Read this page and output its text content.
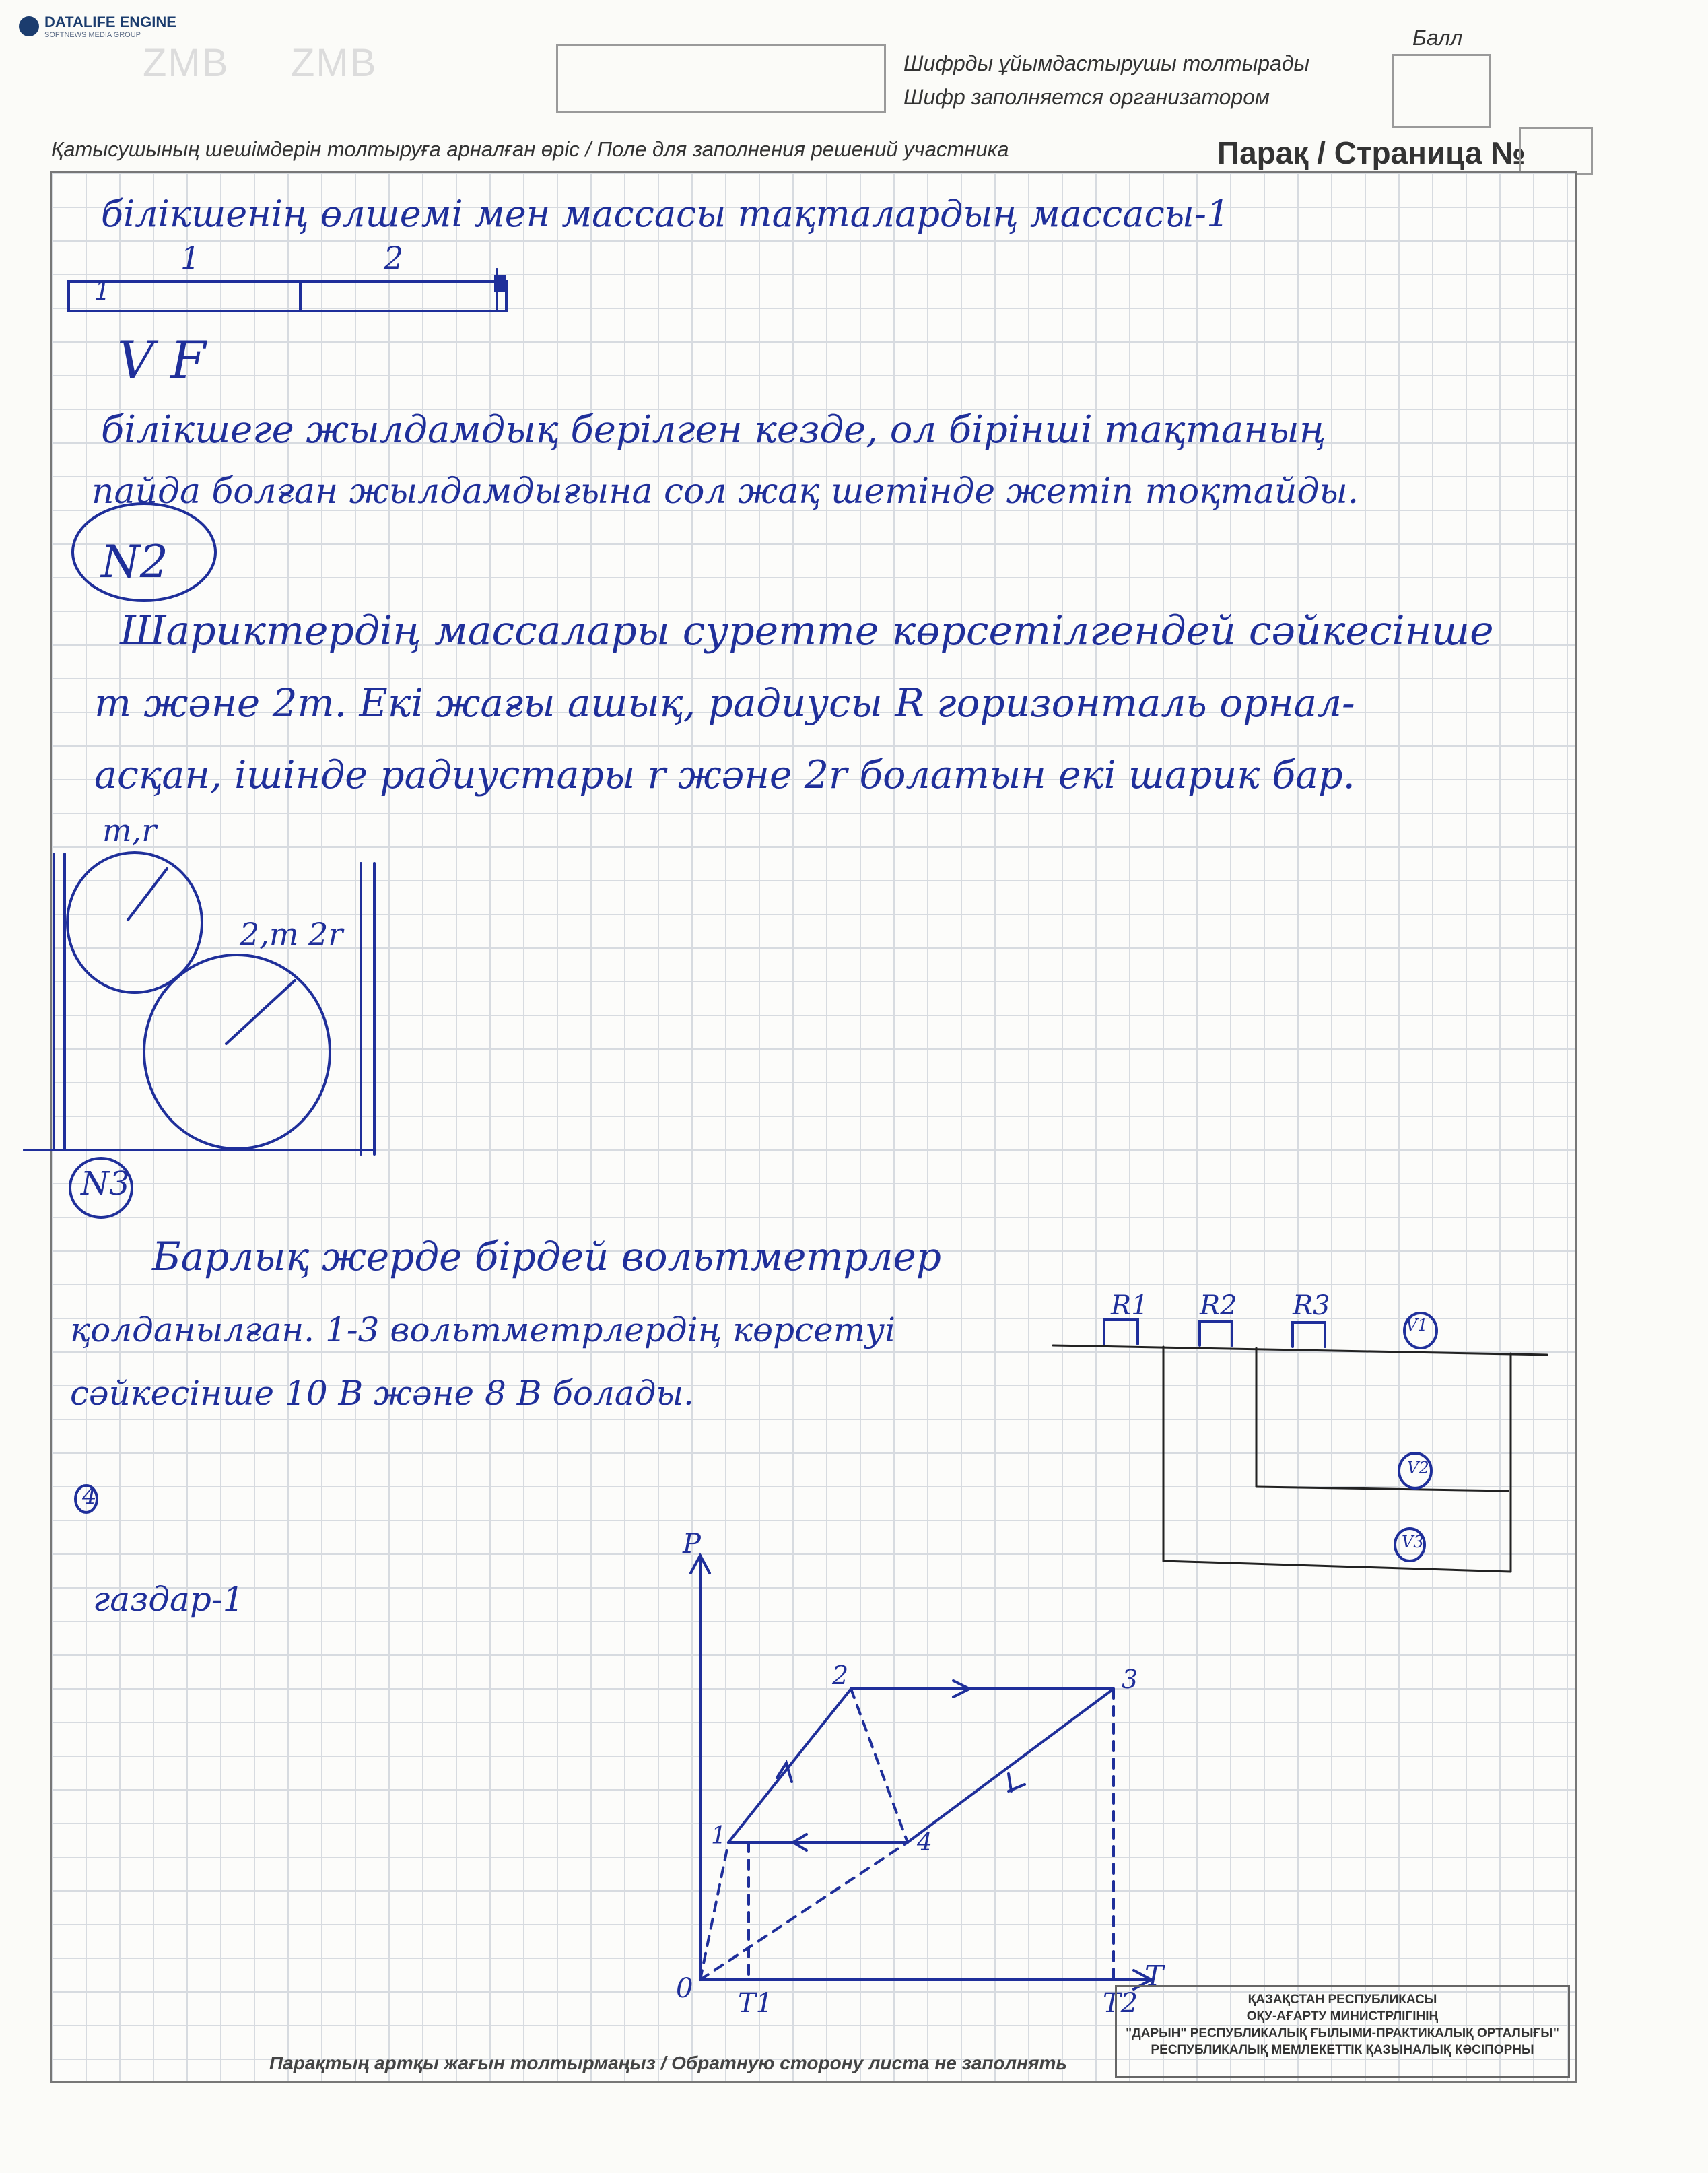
DATALIFE ENGINE
SOFTNEWS MEDIA GROUP
ZMB ZMB	Шифрды ұйымдастырушы толтырады
Шифр заполняется организатором
Балл
Қатысушының шешімдерін толтыруға арналған өріс / Поле для заполнения решений участника	Парақ / Страница №
білікшенің өлшемі мен массасы тақталардың массасы-1
1	2
1
V F
білікшеге жылдамдық берілген кезде, ол бірінші тақтаның
пайда болған жылдамдығына сол жақ шетінде жетіп тоқтайды.
N2
Шариктердің массалары суретте көрсетілгендей сәйкесінше
m және 2m. Екі жағы ашық, радиусы R горизонталь орнал-
асқан, ішінде радиустары r және 2r болатын екі шарик бар.
m,r
2,m 2r
N3
Барлық жерде бірдей вольтметрлер
қолданылған. 1-3 вольтметрлердің көрсетуі
сәйкесінше 10 В және 8 В болады.
R1 R2 R3
V1
V2
V3
4
газдар-1
P
T
0 T1	T2
1
2	3
4
Парақтың артқы жағын толтырмаңыз / Обратную сторону листа не заполнять
ҚАЗАҚСТАН РЕСПУБЛИКАСЫ
ОҚУ-АҒАРТУ МИНИСТРЛІГІНІҢ
"ДАРЫН" РЕСПУБЛИКАЛЫҚ ҒЫЛЫМИ-ПРАКТИКАЛЫҚ ОРТАЛЫҒЫ"
РЕСПУБЛИКАЛЫҚ МЕМЛЕКЕТТІК ҚАЗЫНАЛЫҚ КӘСІПОРНЫ
